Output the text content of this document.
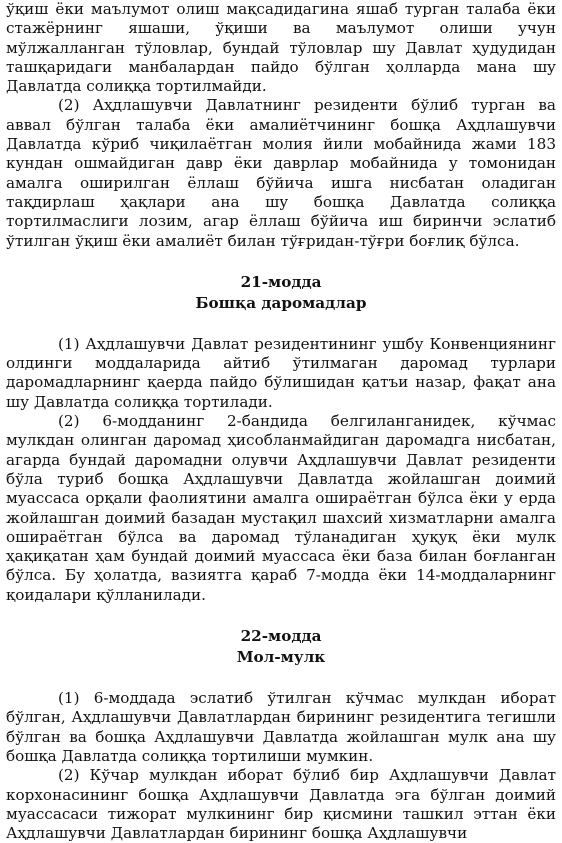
ўқиш ёки маълумот олиш мақсадидагина яшаб турган талаба ёки стажёрнинг яшаши, ўқиши ва маълумот олиши учун мўлжалланган тўловлар, бундай тўловлар шу Давлат ҳудудидан ташқаридаги манбалардан пайдо бўлган ҳолларда мана шу Давлатда солиққа тортилмайди.

(2) Аҳдлашувчи Давлатнинг резиденти бўлиб турган ва аввал бўлган талаба ёки амалиётчининг бошқа Аҳдлашувчи Давлатда кўриб чиқилаётган молия йили мобайнида жами 183 кундан ошмайдиган давр ёки даврлар мобайнида у томонидан амалга оширилган ёллаш бўйича ишга нисбатан оладиган тақдирлаш ҳақлари ана шу бошқа Давлатда солиққа тортилмаслиги лозим, агар ёллаш бўйича иш биринчи эслатиб ўтилган ўқиш ёки амалиёт билан тўғридан-тўғри боғлиқ бўлса.

21-модда

Бошқа даромадлар

(1) Аҳдлашувчи Давлат резидентининг ушбу Конвенциянинг олдинги моддаларида айтиб ўтилмаган даромад турлари даромадларнинг қаерда пайдо бўлишидан қатъи назар, фақат ана шу Давлатда солиққа тортилади.

(2) 6-модданинг 2-бандида белгиланганидек, кўчмас мулкдан олинган даромад ҳисобланмайдиган даромадга нисбатан, агарда бундай даромадни олувчи Аҳдлашувчи Давлат резиденти бўла туриб бошқа Аҳдлашувчи Давлатда жойлашган доимий муассаса орқали фаолиятини амалга ошираётган бўлса ёки у ерда жойлашган доимий базадан мустақил шахсий хизматларни амалга ошираётган бўлса ва даромад тўланадиган ҳуқуқ ёки мулк ҳақиқатан ҳам бундай доимий муассаса ёки база билан боғланган бўлса. Бу ҳолатда, вазиятга қараб 7-модда ёки 14-моддаларнинг қоидалари қўлланилади.

22-модда

Мол-мулк

(1) 6-моддада эслатиб ўтилган кўчмас мулкдан иборат бўлган, Аҳдлашувчи Давлатлардан бирининг резидентига тегишли бўлган ва бошқа Аҳдлашувчи Давлатда жойлашган мулк ана шу бошқа Давлатда солиққа тортилиши мумкин.

(2) Кўчар мулкдан иборат бўлиб бир Аҳдлашувчи Давлат корхонасининг бошқа Аҳдлашувчи Давлатда эга бўлган доимий муассасаси тижорат мулкининг бир қисмини ташкил эттан ёки Аҳдлашувчи Давлатлардан бирининг бошқа Аҳдлашувчи
